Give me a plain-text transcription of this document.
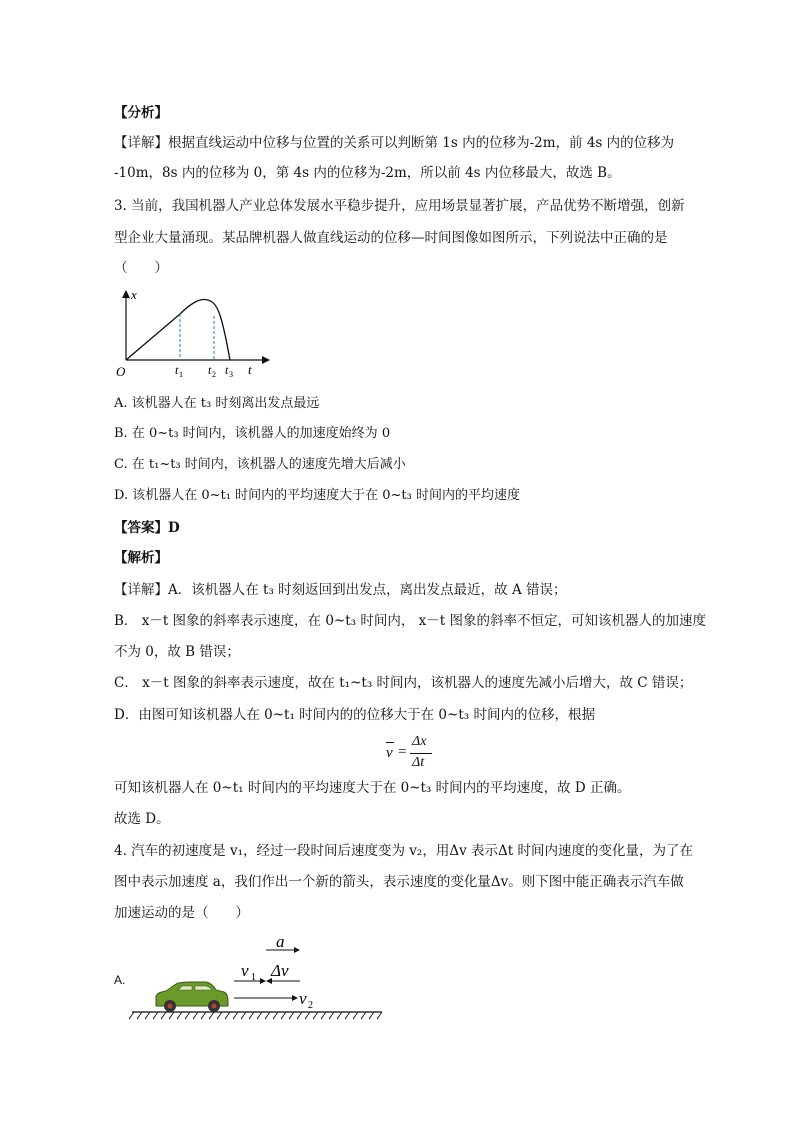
【分析】
【详解】根据直线运动中位移与位置的关系可以判断第 1s 内的位移为-2m，前 4s 内的位移为
-10m，8s 内的位移为 0，第 4s 内的位移为-2m，所以前 4s 内位移最大，故选 B。
3. 当前，我国机器人产业总体发展水平稳步提升，应用场景显著扩展，产品优势不断增强，创新
型企业大量涌现。某品牌机器人做直线运动的位移—时间图像如图所示，下列说法中正确的是
（　　）
x
t
O	t 1 t 2 t 3
A. 该机器人在 t₃ 时刻离出发点最远
B. 在 0~t₃ 时间内，该机器人的加速度始终为 0
C. 在 t₁~t₃ 时间内，该机器人的速度先增大后减小
D. 该机器人在 0~t₁ 时间内的平均速度大于在 0~t₃ 时间内的平均速度
【答案】D
【解析】
【详解】A．该机器人在 t₃ 时刻返回到出发点，离出发点最近，故 A 错误；
B． x－t 图象的斜率表示速度，在 0~t₃ 时间内， x－t 图象的斜率不恒定，可知该机器人的加速度
不为 0，故 B 错误；
C． x－t 图象的斜率表示速度，故在 t₁~t₃ 时间内，该机器人的速度先减小后增大，故 C 错误；
D．由图可知该机器人在 0~t₁ 时间内的的位移大于在 0~t₃ 时间内的位移，根据
v =
Δx
Δt
可知该机器人在 0~t₁ 时间内的平均速度大于在 0~t₃ 时间内的平均速度，故 D 正确。
故选 D。
4. 汽车的初速度是 v₁，经过一段时间后速度变为 v₂，用Δv 表示Δt 时间内速度的变化量，为了在
图中表示加速度 a，我们作出一个新的箭头，表示速度的变化量Δv。则下图中能正确表示汽车做
加速运动的是（　　）
A.
a
v 1 Δv
v 2
